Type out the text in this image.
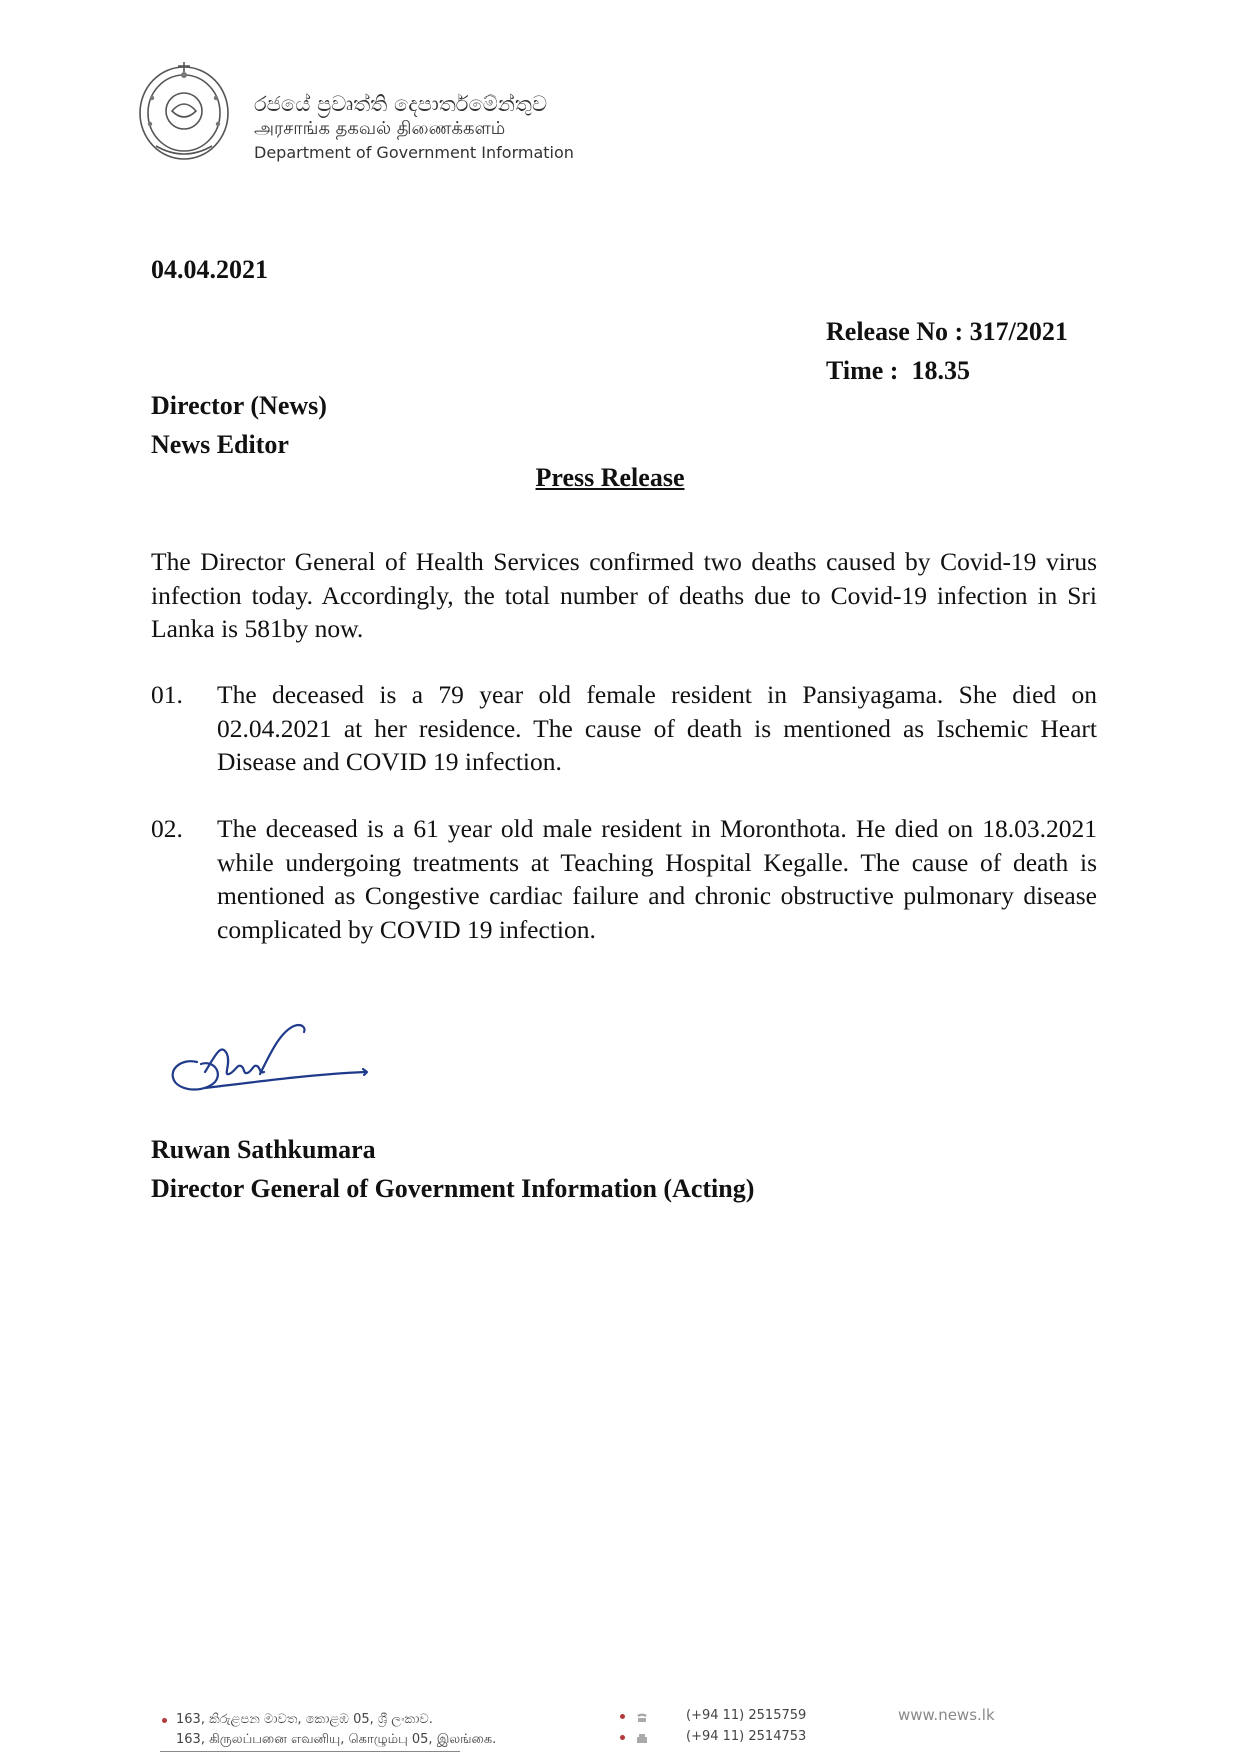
රජයේ ප්‍රවෘත්ති දෙපාර්තමේන්තුව
அரசாங்க தகவல் திணைக்களம்
Department of Government Information
04.04.2021
Release No : 317/2021
Time :  18.35
Director (News)
News Editor
Press Release
The Director General of Health Services confirmed two deaths caused by Covid-19 virus infection today. Accordingly, the total number of deaths due to Covid-19 infection in Sri Lanka is 581by now.
01. The deceased is a 79 year old female resident in Pansiyagama. She died on 02.04.2021 at her residence. The cause of death is mentioned as Ischemic Heart Disease and COVID 19 infection.
02. The deceased is a 61 year old male resident in Moronthota. He died on 18.03.2021 while undergoing treatments at Teaching Hospital Kegalle. The cause of death is mentioned as Congestive cardiac failure and chronic obstructive pulmonary disease complicated by COVID 19 infection.
Ruwan Sathkumara
Director General of Government Information (Acting)
163, කිරුළපන මාවත, කොළඹ 05, ශ්‍රී ලංකාව.
163, கிருலப்பனை எவனியு, கொழும்பு 05, இலங்கை.
(+94 11) 2515759
(+94 11) 2514753
www.news.lk
